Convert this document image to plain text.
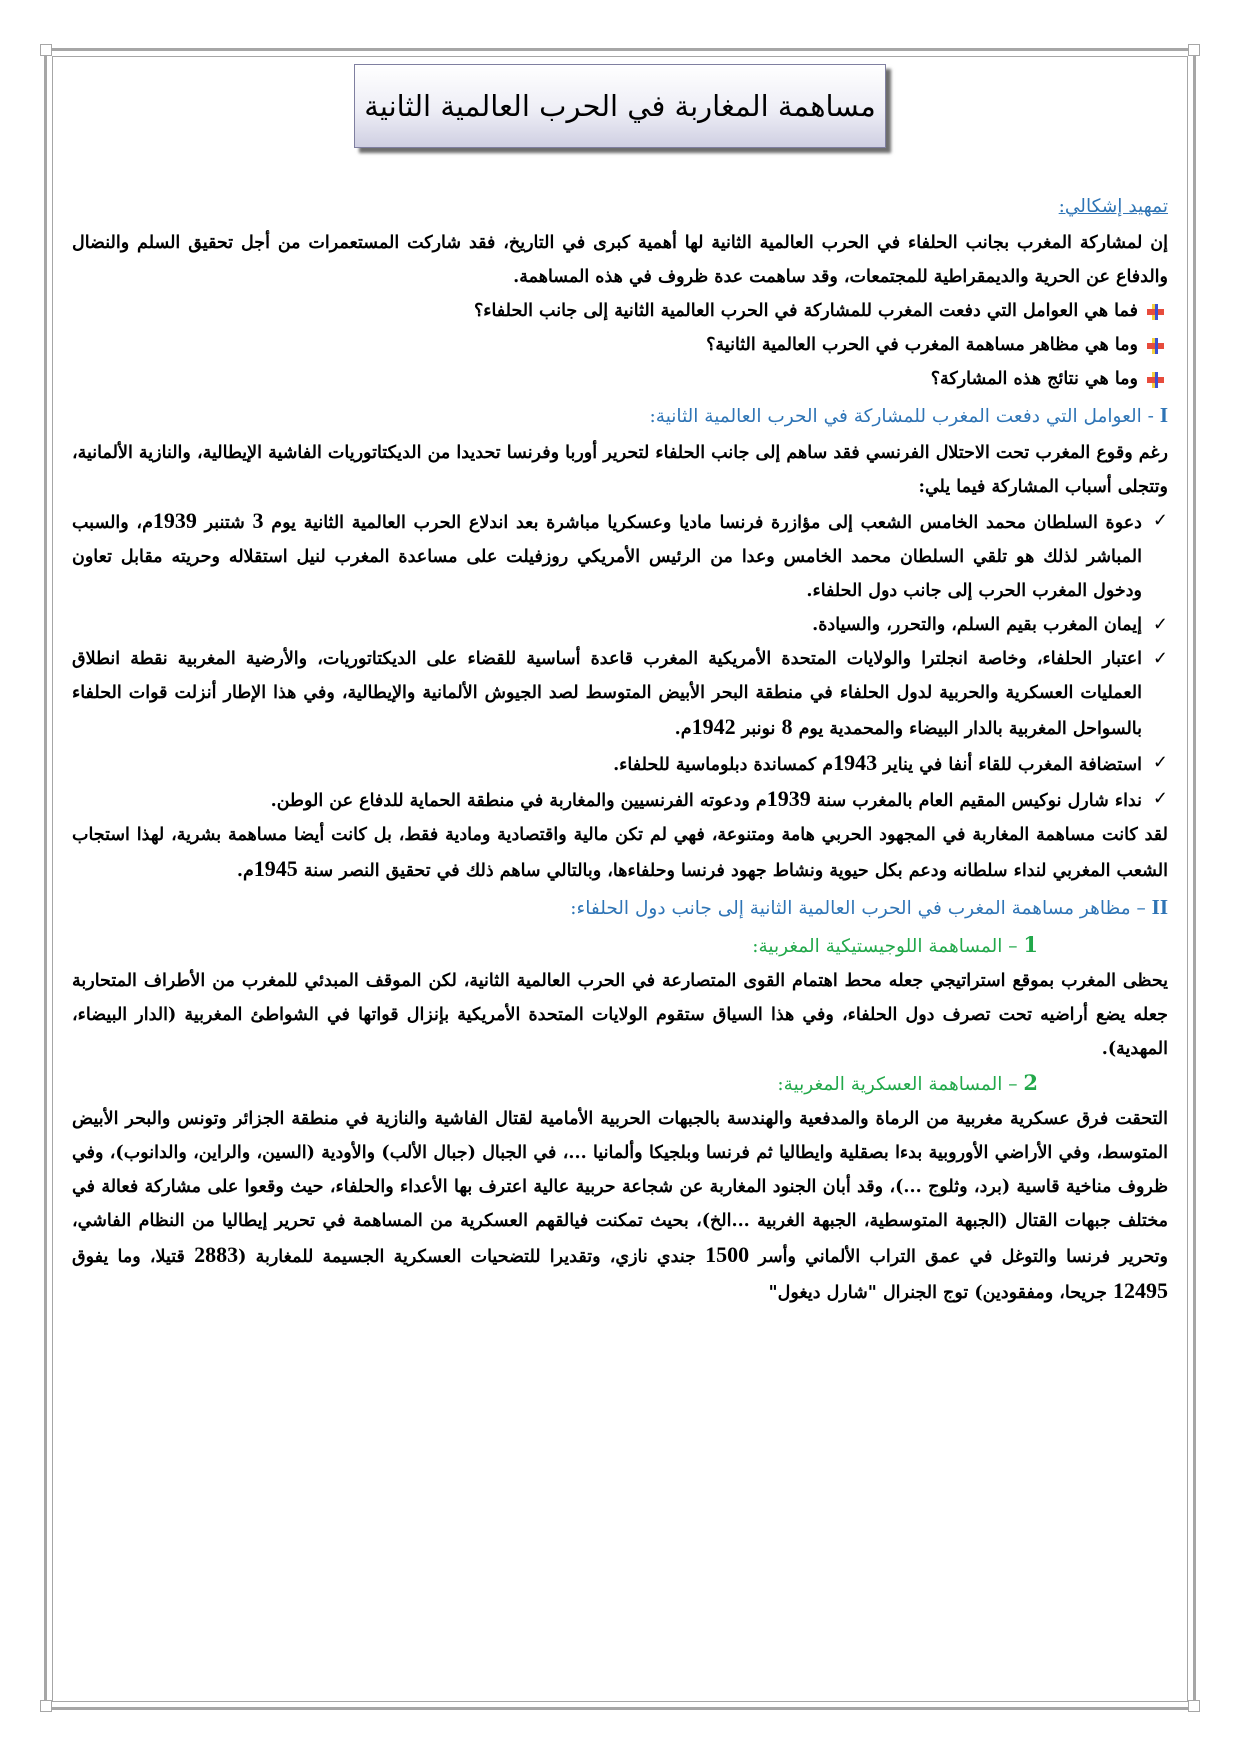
مساهمة المغاربة في الحرب العالمية الثانية

تمهيد إشكالي:

إن لمشاركة المغرب بجانب الحلفاء في الحرب العالمية الثانية لها أهمية كبرى في التاريخ، فقد شاركت المستعمرات من أجل تحقيق السلم والنضال والدفاع عن الحرية والديمقراطية للمجتمعات، وقد ساهمت عدة ظروف في هذه المساهمة.

فما هي العوامل التي دفعت المغرب للمشاركة في الحرب العالمية الثانية إلى جانب الحلفاء؟

وما هي مظاهر مساهمة المغرب في الحرب العالمية الثانية؟

وما هي نتائج هذه المشاركة؟

I - العوامل التي دفعت المغرب للمشاركة في الحرب العالمية الثانية:

رغم وقوع المغرب تحت الاحتلال الفرنسي فقد ساهم إلى جانب الحلفاء لتحرير أوربا وفرنسا تحديدا من الديكتاتوريات الفاشية الإيطالية، والنازية الألمانية، وتتجلى أسباب المشاركة فيما يلي:

✓
دعوة السلطان محمد الخامس الشعب إلى مؤازرة فرنسا ماديا وعسكريا مباشرة بعد اندلاع الحرب العالمية الثانية يوم 3 شتنبر 1939م، والسبب المباشر لذلك هو تلقي السلطان محمد الخامس وعدا من الرئيس الأمريكي روزفيلت على مساعدة المغرب لنيل استقلاله وحريته مقابل تعاون ودخول المغرب الحرب إلى جانب دول الحلفاء.

✓
إيمان المغرب بقيم السلم، والتحرر، والسيادة.

✓
اعتبار الحلفاء، وخاصة انجلترا والولايات المتحدة الأمريكية المغرب قاعدة أساسية للقضاء على الديكتاتوريات، والأرضية المغربية نقطة انطلاق العمليات العسكرية والحربية لدول الحلفاء في منطقة البحر الأبيض المتوسط لصد الجيوش الألمانية والإيطالية، وفي هذا الإطار أنزلت قوات الحلفاء بالسواحل المغربية بالدار البيضاء والمحمدية يوم 8 نونبر 1942م.

✓
استضافة المغرب للقاء أنفا في يناير 1943م كمساندة دبلوماسية للحلفاء.

✓
نداء شارل نوكيس المقيم العام بالمغرب سنة 1939م ودعوته الفرنسيين والمغاربة في منطقة الحماية للدفاع عن الوطن.

لقد كانت مساهمة المغاربة في المجهود الحربي هامة ومتنوعة، فهي لم تكن مالية واقتصادية ومادية فقط، بل كانت أيضا مساهمة بشرية، لهذا استجاب الشعب المغربي لنداء سلطانه ودعم بكل حيوية ونشاط جهود فرنسا وحلفاءها، وبالتالي ساهم ذلك في تحقيق النصر سنة 1945م.

II – مظاهر مساهمة المغرب في الحرب العالمية الثانية إلى جانب دول الحلفاء:

1 – المساهمة اللوجيستيكية المغربية:

يحظى المغرب بموقع استراتيجي جعله محط اهتمام القوى المتصارعة في الحرب العالمية الثانية، لكن الموقف المبدئي للمغرب من الأطراف المتحاربة جعله يضع أراضيه تحت تصرف دول الحلفاء، وفي هذا السياق ستقوم الولايات المتحدة الأمريكية بإنزال قواتها في الشواطئ المغربية (الدار البيضاء، المهدية).

2 – المساهمة العسكرية المغربية:

التحقت فرق عسكرية مغربية من الرماة والمدفعية والهندسة بالجبهات الحربية الأمامية لقتال الفاشية والنازية في منطقة الجزائر وتونس والبحر الأبيض المتوسط، وفي الأراضي الأوروبية بدءا بصقلية وايطاليا ثم فرنسا وبلجيكا وألمانيا ...، في الجبال (جبال الألب) والأودية (السين، والراين، والدانوب)، وفي ظروف مناخية قاسية (برد، وثلوج ...)، وقد أبان الجنود المغاربة عن شجاعة حربية عالية اعترف بها الأعداء والحلفاء، حيث وقعوا على مشاركة فعالة في مختلف جبهات القتال (الجبهة المتوسطية، الجبهة الغربية ...الخ)، بحيث تمكنت فيالقهم العسكرية من المساهمة في تحرير إيطاليا من النظام الفاشي، وتحرير فرنسا والتوغل في عمق التراب الألماني وأسر 1500 جندي نازي، وتقديرا للتضحيات العسكرية الجسيمة للمغاربة (2883 قتيلا، وما يفوق 12495 جريحا، ومفقودين) توج الجنرال "شارل ديغول"
